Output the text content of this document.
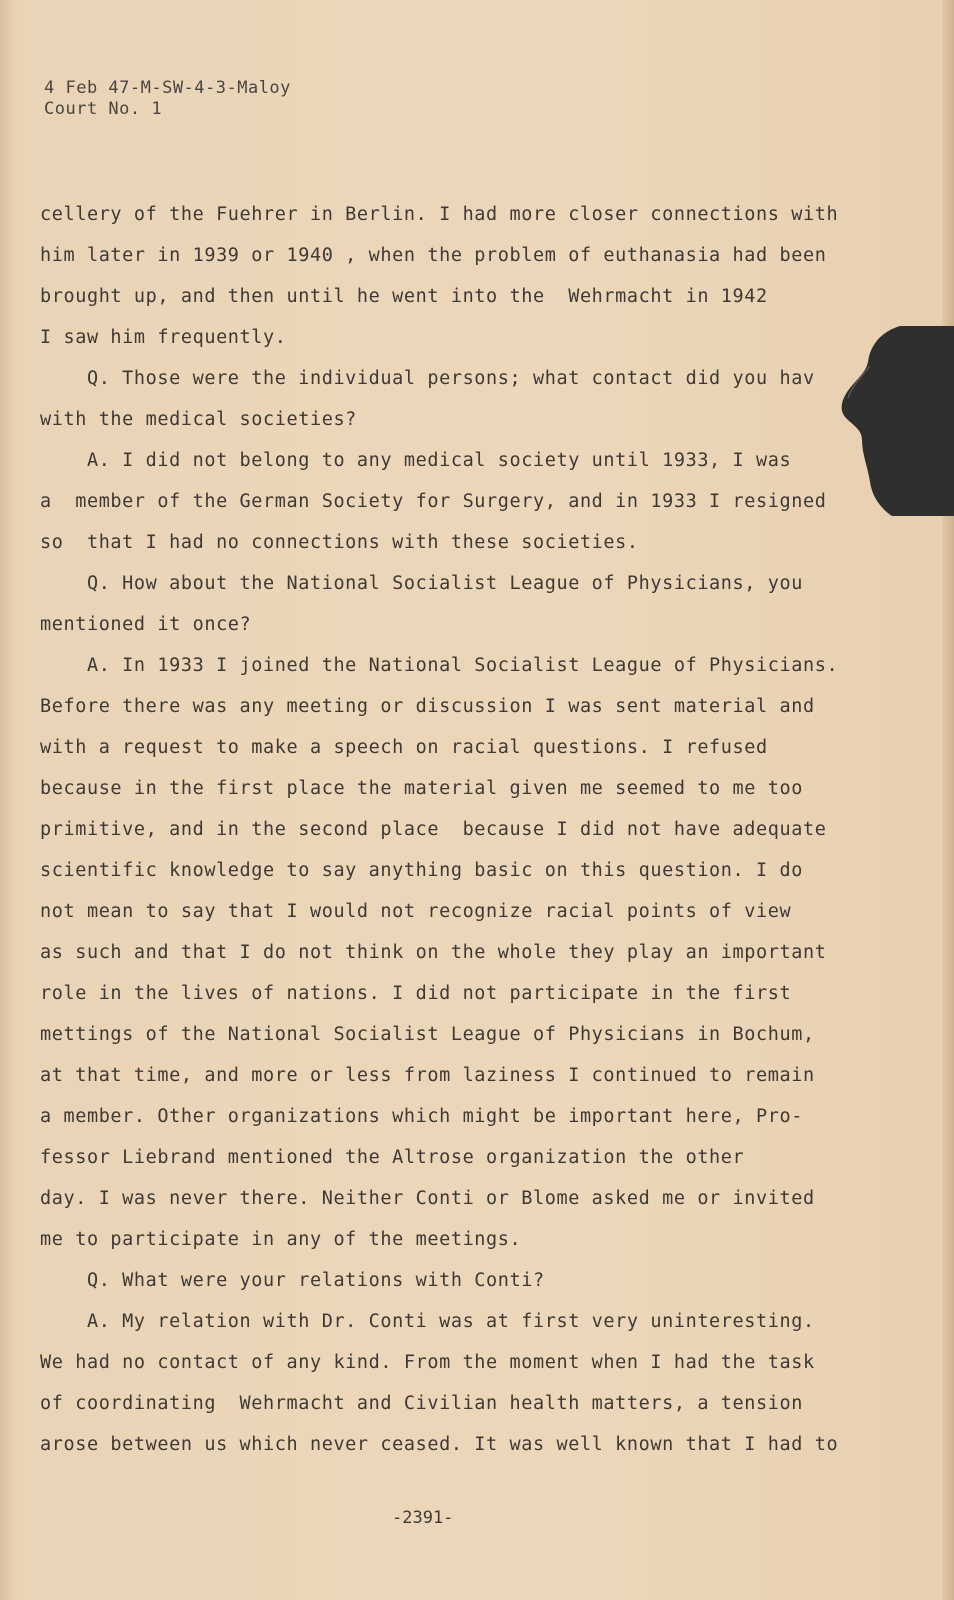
4 Feb 47-M-SW-4-3-Maloy
Court No. 1
cellery of the Fuehrer in Berlin. I had more closer connections with
him later in 1939 or 1940 , when the problem of euthanasia had been
brought up, and then until he went into the  Wehrmacht in 1942
I saw him frequently.
Q. Those were the individual persons; what contact did you hav
with the medical societies?
A. I did not belong to any medical society until 1933, I was
a  member of the German Society for Surgery, and in 1933 I resigned
so  that I had no connections with these societies.
Q. How about the National Socialist League of Physicians, you
mentioned it once?
A. In 1933 I joined the National Socialist League of Physicians.
Before there was any meeting or discussion I was sent material and
with a request to make a speech on racial questions. I refused
because in the first place the material given me seemed to me too
primitive, and in the second place  because I did not have adequate
scientific knowledge to say anything basic on this question. I do
not mean to say that I would not recognize racial points of view
as such and that I do not think on the whole they play an important
role in the lives of nations. I did not participate in the first
mettings of the National Socialist League of Physicians in Bochum,
at that time, and more or less from laziness I continued to remain
a member. Other organizations which might be important here, Pro-
fessor Liebrand mentioned the Altrose organization the other
day. I was never there. Neither Conti or Blome asked me or invited
me to participate in any of the meetings.
Q. What were your relations with Conti?
A. My relation with Dr. Conti was at first very uninteresting.
We had no contact of any kind. From the moment when I had the task
of coordinating  Wehrmacht and Civilian health matters, a tension
arose between us which never ceased. It was well known that I had to
-2391-
